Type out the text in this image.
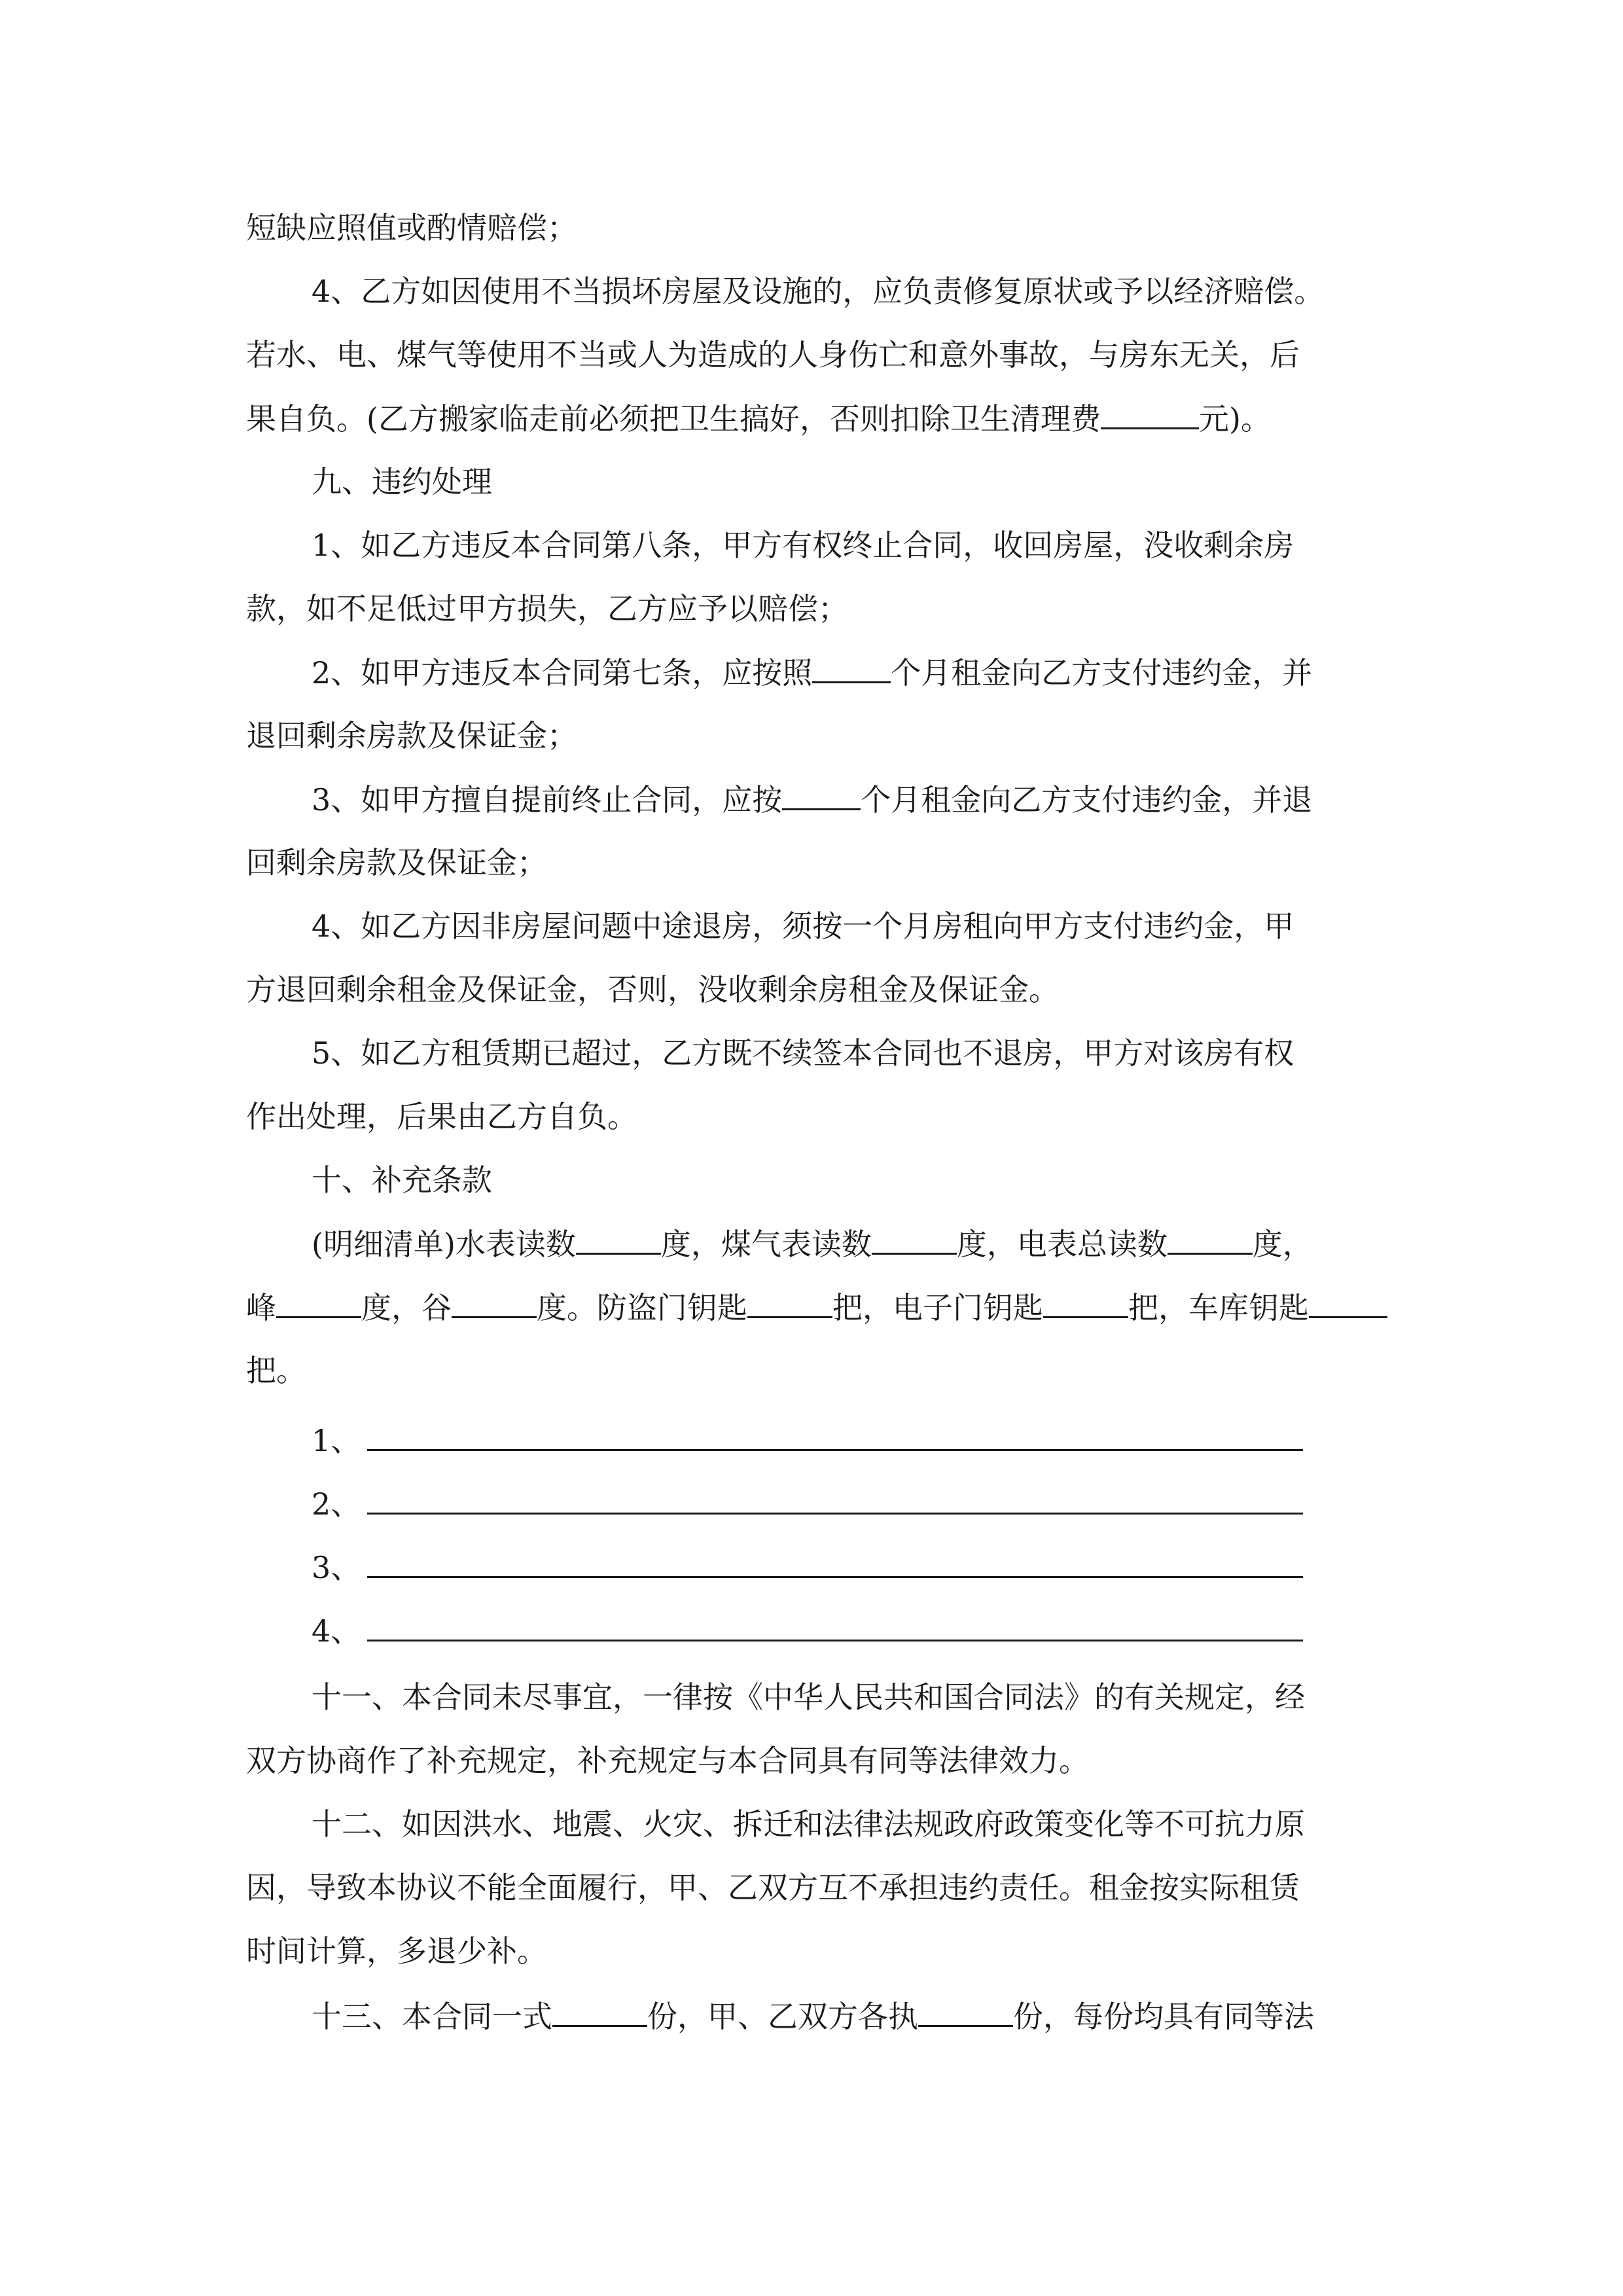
短缺应照值或酌情赔偿；
4、乙方如因使用不当损坏房屋及设施的，应负责修复原状或予以经济赔偿。
若水、电、煤气等使用不当或人为造成的人身伤亡和意外事故，与房东无关，后
果自负。(乙方搬家临走前必须把卫生搞好，否则扣除卫生清理费	元)。
九、违约处理
1、如乙方违反本合同第八条，甲方有权终止合同，收回房屋，没收剩余房
款，如不足低过甲方损失，乙方应予以赔偿；
2、如甲方违反本合同第七条，应按照	个月租金向乙方支付违约金，并
退回剩余房款及保证金；
3、如甲方擅自提前终止合同，应按	个月租金向乙方支付违约金，并退
回剩余房款及保证金；
4、如乙方因非房屋问题中途退房，须按一个月房租向甲方支付违约金，甲
方退回剩余租金及保证金，否则，没收剩余房租金及保证金。
5、如乙方租赁期已超过，乙方既不续签本合同也不退房，甲方对该房有权
作出处理，后果由乙方自负。
十、补充条款
(明细清单)水表读数	度，煤气表读数	度，电表总读数	度，
峰	度，谷	度。防盗门钥匙	把，电子门钥匙	把，车库钥匙
把。
1、
2、
3、
4、
十一、本合同未尽事宜，一律按《中华人民共和国合同法》的有关规定，经
双方协商作了补充规定，补充规定与本合同具有同等法律效力。
十二、如因洪水、地震、火灾、拆迁和法律法规政府政策变化等不可抗力原
因，导致本协议不能全面履行，甲、乙双方互不承担违约责任。租金按实际租赁
时间计算，多退少补。
十三、本合同一式	份，甲、乙双方各执	份，每份均具有同等法
